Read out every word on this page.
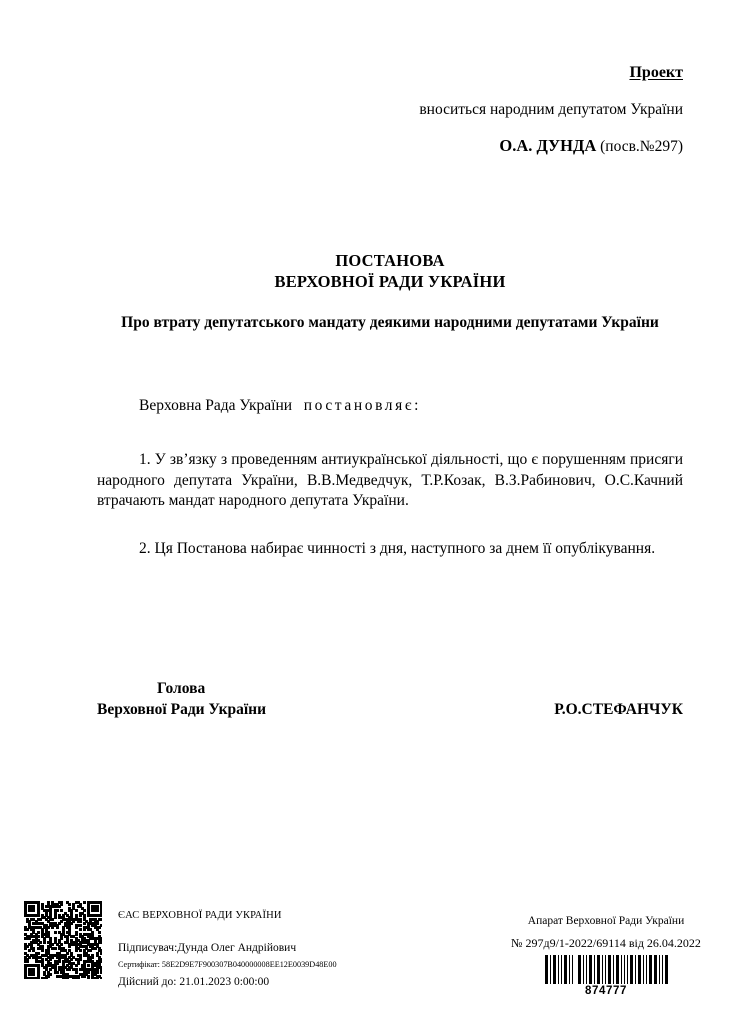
Проект
вноситься народним депутатом України
О.А. ДУНДА (посв.№297)
ПОСТАНОВА
ВЕРХОВНОЇ РАДИ УКРАЇНИ
Про втрату депутатського мандату деякими народними депутатами України
Верховна Рада України постановляє:
1. У зв’язку з проведенням антиукраїнської діяльності, що є порушенням присяги народного депутата України, В.В.Медведчук, Т.Р.Козак, В.З.Рабинович, О.С.Качний втрачають мандат народного депутата України.
2. Ця Постанова набирає чинності з дня, наступного за днем її опублікування.
Р.О.СТЕФАНЧУК
Голова
Верховної Ради України
ЄАС ВЕРХОВНОЇ РАДИ УКРАЇНИ
Підписувач:Дунда Олег Андрійович
Сертифікат: 58E2D9E7F900307B040000008EE12E0039D48E00
Дійсний до: 21.01.2023 0:00:00
Апарат Верховної Ради України
№ 297д9/1-2022/69114 від 26.04.2022
874777
